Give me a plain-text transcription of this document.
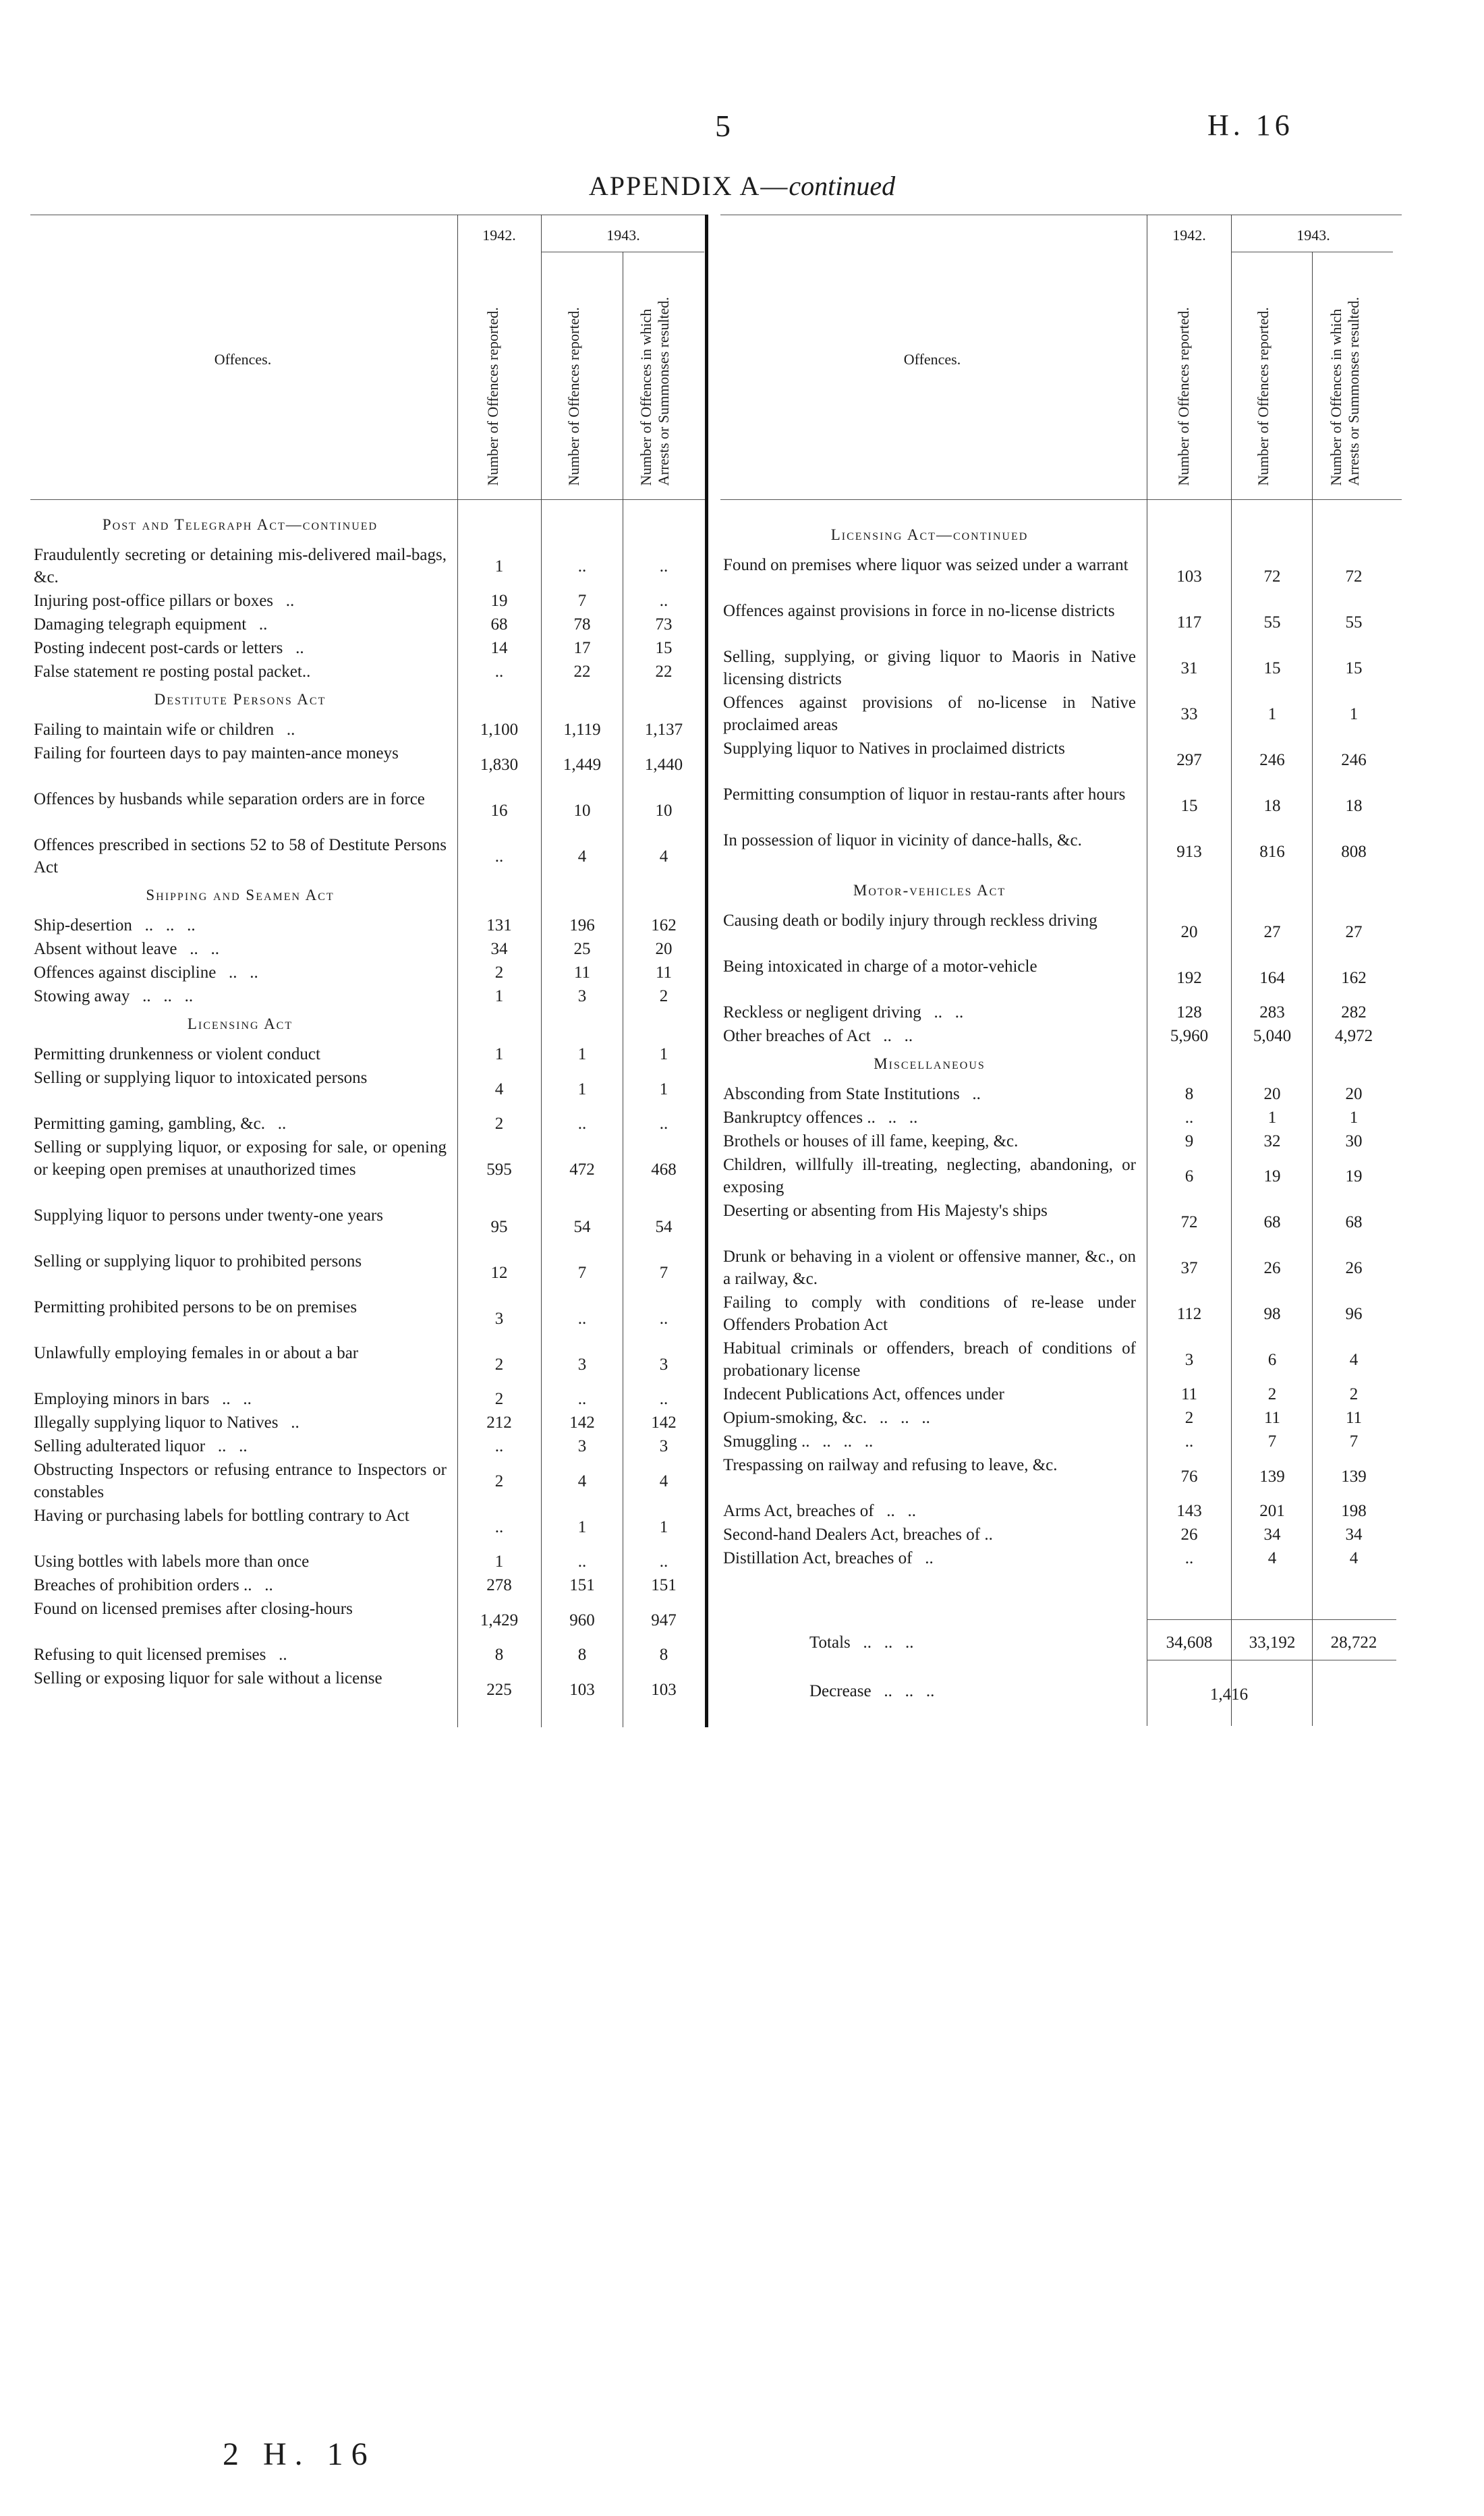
5	H. 16
APPENDIX A—continued
Offences.
1942.	1943.
Number of Offences reported.	Number of Offences reported.	Number of Offences in which Arrests or Summonses resulted.	Offences.
1942.	1943.
Number of Offences reported.	Number of Offences reported.	Number of Offences in which Arrests or Summonses resulted.
Post and Telegraph Act—continued
Fraudulently secreting or detaining mis-delivered mail-bags, &c.
1	..	..
Injuring post-office pillars or boxes   ..	19	7	..
Damaging telegraph equipment   ..	68	78	73
Posting indecent post-cards or letters   ..	14	17	15
False statement re posting postal packet..	..	22	22
Destitute Persons Act
Failing to maintain wife or children   ..	1,100	1,119	1,137
Failing for fourteen days to pay mainten-ance moneys
1,830	1,449	1,440
Offences by husbands while separation orders are in force
16	10	10
Offences prescribed in sections 52 to 58 of Destitute Persons Act
..	4	4
Shipping and Seamen Act
Ship-desertion   ..   ..   ..	131	196	162
Absent without leave   ..   ..	34	25	20
Offences against discipline   ..   ..	2	11	11
Stowing away   ..   ..   ..	1	3	2
Licensing Act
Permitting drunkenness or violent conduct	1	1	1
Selling or supplying liquor to intoxicated persons
4	1	1
Permitting gaming, gambling, &c.   ..	2	..	..
Selling or supplying liquor, or exposing for sale, or opening or keeping open premises at unauthorized times	595	472	468
Supplying liquor to persons under twenty-one years
95	54	54
Selling or supplying liquor to prohibited persons
12	7	7
Permitting prohibited persons to be on premises
3	..	..
Unlawfully employing females in or about a bar
2	3	3
Employing minors in bars   ..   ..	2	..	..
Illegally supplying liquor to Natives   ..	212	142	142
Selling adulterated liquor   ..   ..	..	3	3
Obstructing Inspectors or refusing entrance to Inspectors or constables
2	4	4
Having or purchasing labels for bottling contrary to Act
..	1	1
Using bottles with labels more than once	1	..	..
Breaches of prohibition orders ..   ..	278	151	151
Found on licensed premises after closing-hours
1,429	960	947
Refusing to quit licensed premises   ..	8	8	8
Selling or exposing liquor for sale without a license
225	103	103
Licensing Act—continued
Found on premises where liquor was seized under a warrant
103	72	72
Offences against provisions in force in no-license districts
117	55	55
Selling, supplying, or giving liquor to Maoris in Native licensing districts
31	15	15
Offences against provisions of no-license in Native proclaimed areas
33	1	1
Supplying liquor to Natives in proclaimed districts
297	246	246
Permitting consumption of liquor in restau-rants after hours
15	18	18
In possession of liquor in vicinity of dance-halls, &c.
913	816	808
Motor-vehicles Act
Causing death or bodily injury through reckless driving
20	27	27
Being intoxicated in charge of a motor-vehicle
192	164	162
Reckless or negligent driving   ..   ..	128	283	282
Other breaches of Act   ..   ..	5,960	5,040	4,972
Miscellaneous
Absconding from State Institutions   ..	8	20	20
Bankruptcy offences ..   ..   ..	..	1	1
Brothels or houses of ill fame, keeping, &c.	9	32	30
Children, willfully ill-treating, neglecting, abandoning, or exposing
6	19	19
Deserting or absenting from His Majesty's ships
72	68	68
Drunk or behaving in a violent or offensive manner, &c., on a railway, &c.
37	26	26
Failing to comply with conditions of re-lease under Offenders Probation Act
112	98	96
Habitual criminals or offenders, breach of conditions of probationary license
3	6	4
Indecent Publications Act, offences under	11	2	2
Opium-smoking, &c.   ..   ..   ..	2	11	11
Smuggling ..   ..   ..   ..	..	7	7
Trespassing on railway and refusing to leave, &c.
76	139	139
Arms Act, breaches of   ..   ..	143	201	198
Second-hand Dealers Act, breaches of ..	26	34	34
Distillation Act, breaches of   ..	..	4	4
Totals   ..   ..   ..	34,608	33,192	28,722
Decrease   ..   ..   ..	1,416
2 H. 16
